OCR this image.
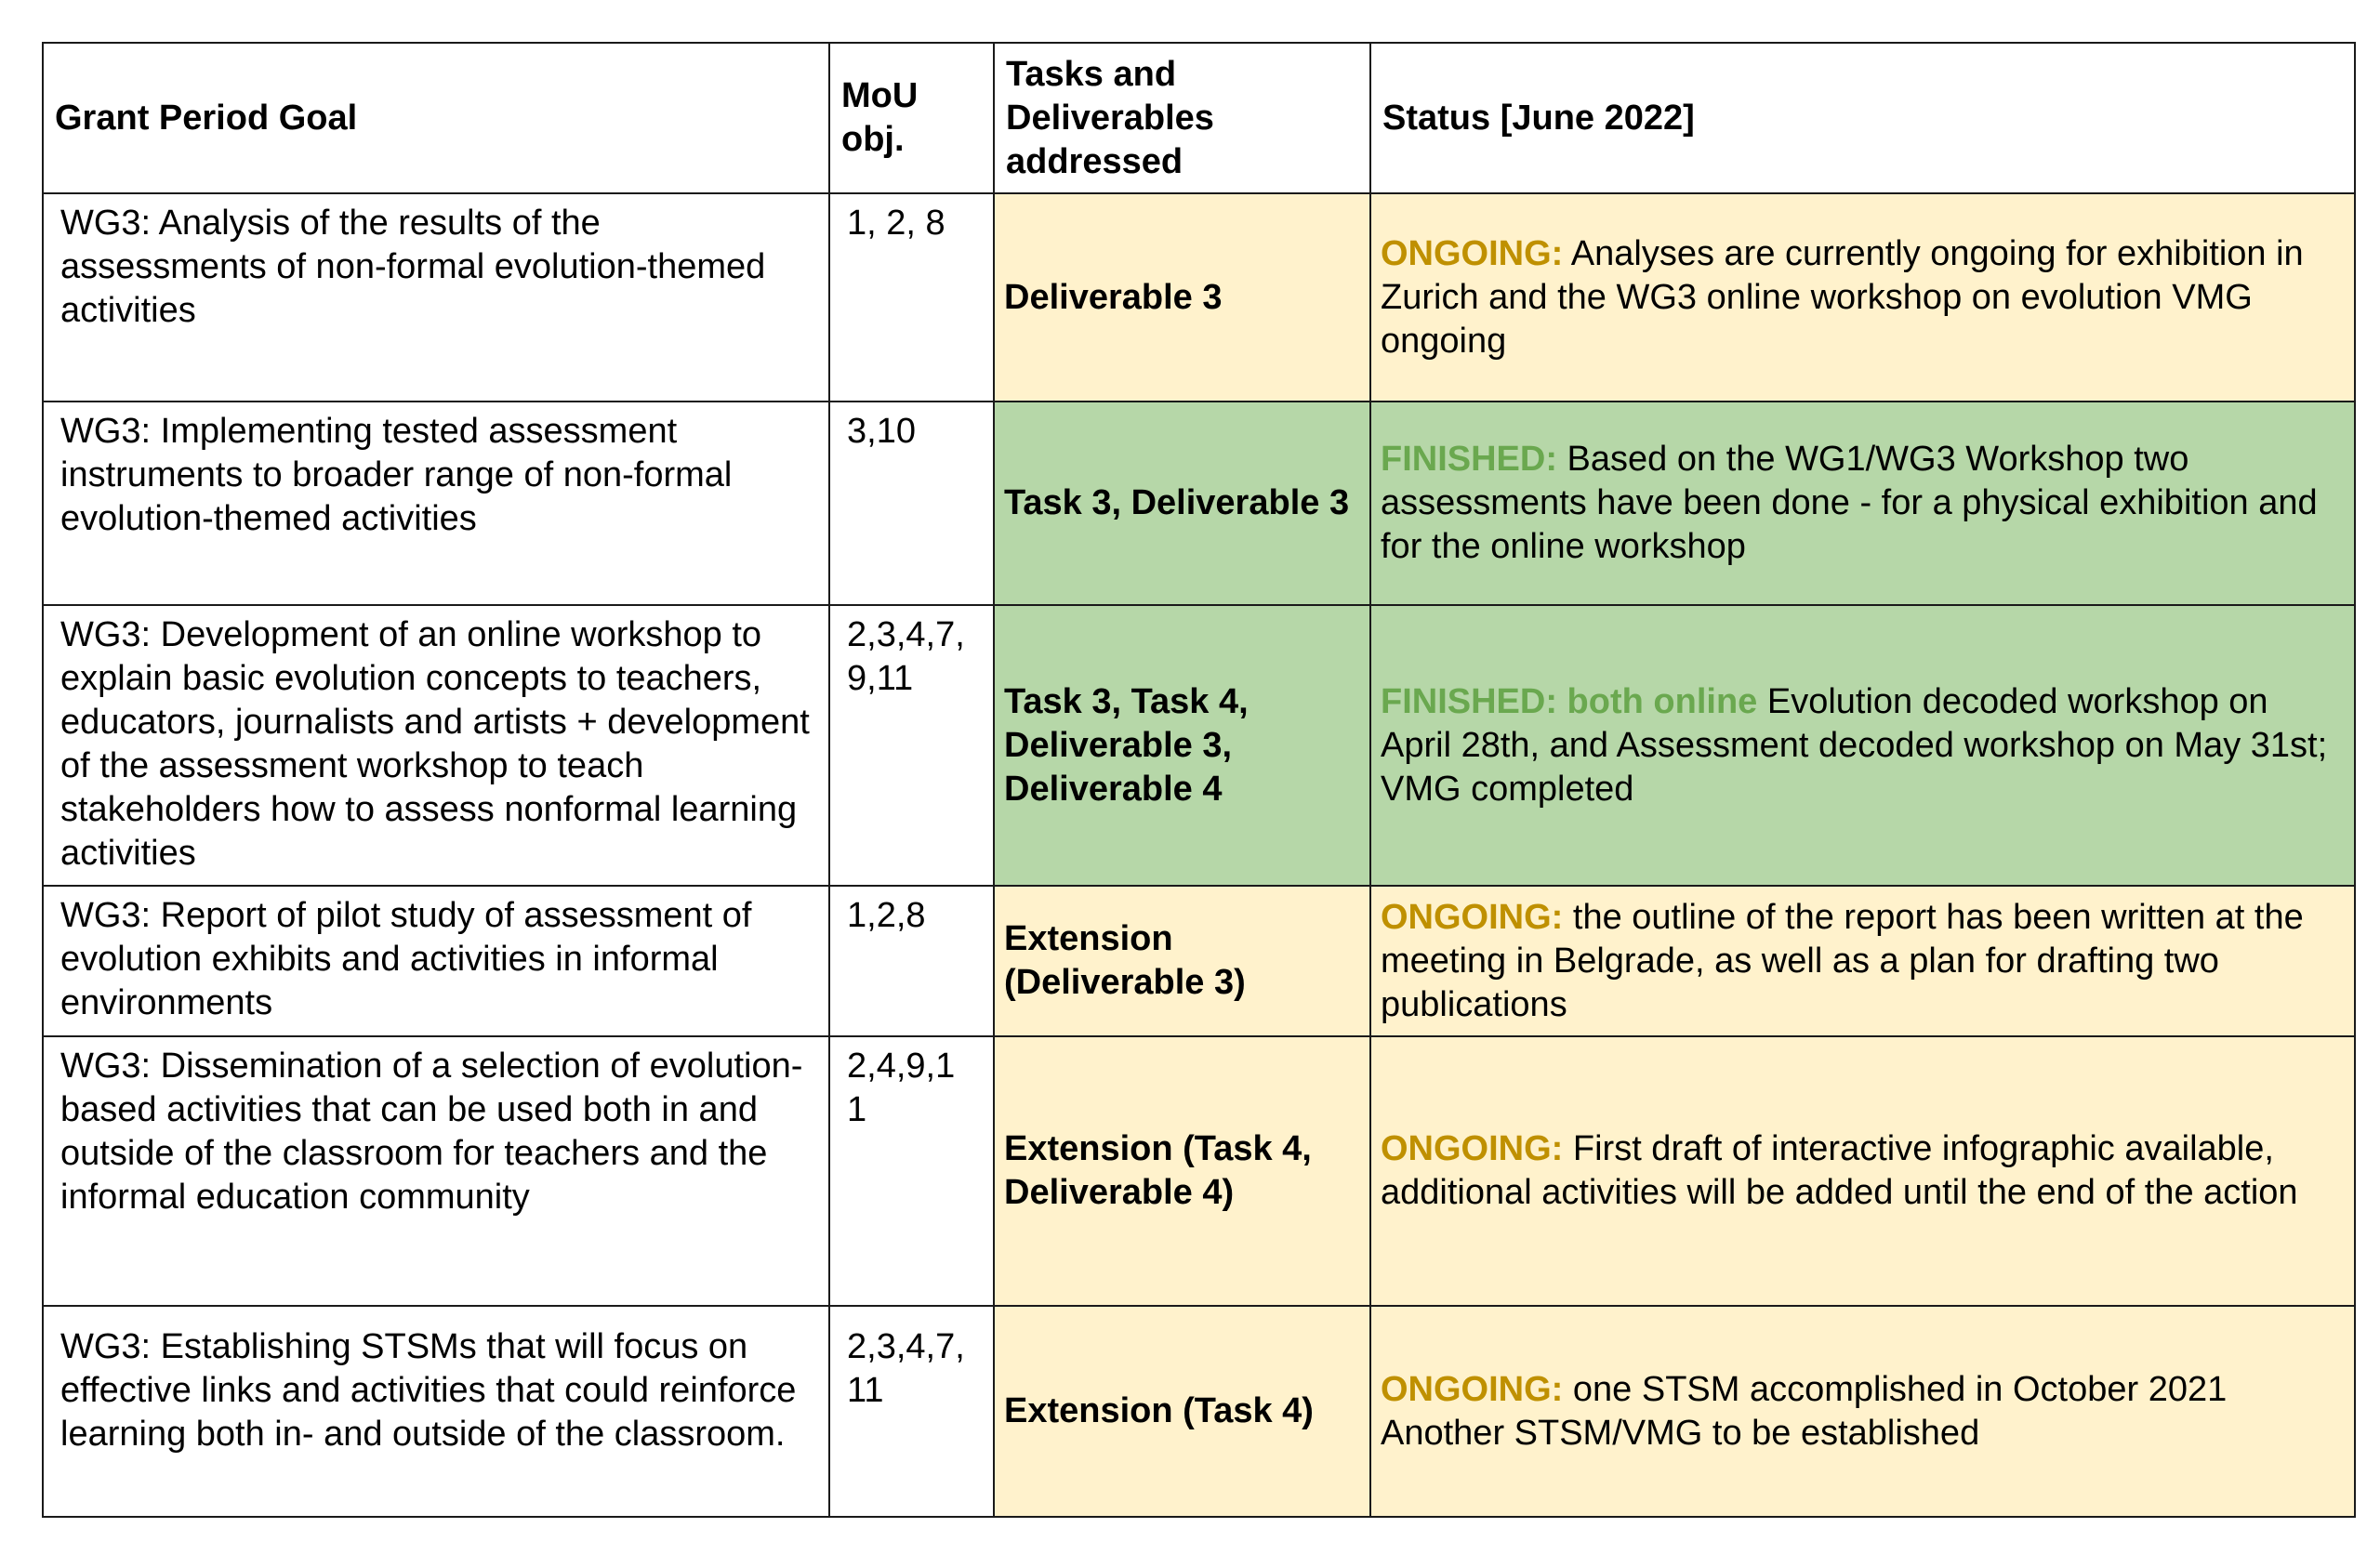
Grant Period Goal	MoU obj.	Tasks and Deliverables addressed	Status [June 2022]
WG3: Analysis of the results of the assessments of non-formal evolution-themed activities	1, 2, 8	Deliverable 3	ONGOING: Analyses are currently ongoing for exhibition in Zurich and the WG3 online workshop on evolution VMG ongoing
WG3: Implementing tested assessment instruments to broader range of non-formal evolution-themed activities	3,10	Task 3, Deliverable 3	FINISHED: Based on the WG1/WG3 Workshop two assessments have been done - for a physical exhibition and for the online workshop
WG3: Development of an online workshop to explain basic evolution concepts to teachers, educators, journalists and artists + development of the assessment workshop to teach stakeholders how to assess nonformal learning activities	2,3,4,7, 9,11	Task 3, Task 4, Deliverable 3, Deliverable 4	FINISHED: both online Evolution decoded workshop on April 28th, and Assessment decoded workshop on May 31st; VMG completed
WG3: Report of pilot study of assessment of evolution exhibits and activities in informal environments	1,2,8	Extension (Deliverable 3)	ONGOING: the outline of the report has been written at the meeting in Belgrade, as well as a plan for drafting two publications
WG3: Dissemination of a selection of evolution-based activities that can be used both in and outside of the classroom for teachers and the informal education community	2,4,9,1 1	Extension (Task 4, Deliverable 4)	ONGOING: First draft of interactive infographic available, additional activities will be added until the end of the action
WG3: Establishing STSMs that will focus on effective links and activities that could reinforce learning both in- and outside of the classroom.	2,3,4,7, 11	Extension (Task 4)	ONGOING: one STSM accomplished in October 2021 Another STSM/VMG to be established
